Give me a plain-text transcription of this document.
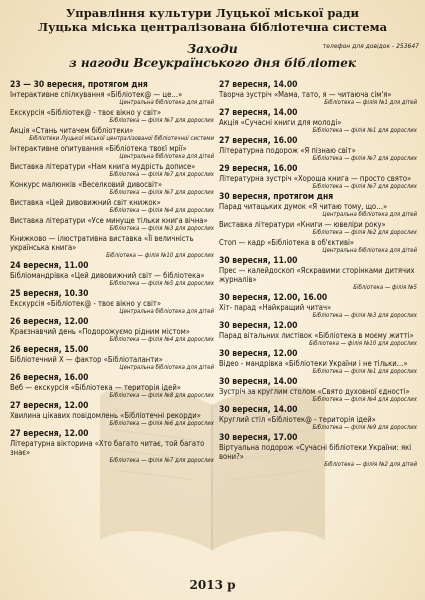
Управління культури Луцької міської ради
Луцька міська централізована бібліотечна система
Заходи
з нагоди Всеукраїнського дня бібліотек
телефон для довідок - 253647
23 — 30 вересня, протягом дня
Інтерактивне спілкування «Бібліотек@ — це…»
Центральна бібліотека для дітей
Екскурсія «Бібліотек@ - твоє вікно у світ»
Бібліотека — філія №7 для дорослих
Акція «Стань читачем бібліотеки»
Бібліотеки Луцької міської централізованої бібліотечної системи
Інтерактивне опитування «Бібліотека твоєї мрії»
Центральна бібліотека для дітей
Виставка літератури «Нам книга мудрість дописе»
Бібліотека — філія №7 для дорослих
Конкурс малюнків «Веселковий дивосвіт»
Бібліотека — філія №7 для дорослих
Виставка «Цей дивовижний світ книжок»
Бібліотека — філія №4 для дорослих
Виставка літератури «Усе минуще тільки книга вічна»
Бібліотека — філія №3 для дорослих
Книжково — ілюстративна виставка «Її величність українська книга»
Бібліотека — філія №10 для дорослих
24 вересня, 11.00
Бібліомандрівка «Цей дивовижний світ — бібліотека»
Бібліотека — філія №5 для дорослих
25 вересня, 10.30
Екскурсія «Бібліотек@ - твоє вікно у світ»
Центральна бібліотека для дітей
26 вересня, 12.00
Краєзнавчий день «Подорожуємо рідним містом»
Бібліотека — філія №4 для дорослих
26 вересня, 15.00
Бібліотечний Х — фактор «Бібліоталанти»
Центральна бібліотека для дітей
26 вересня, 16.00
Веб — екскурсія «Бібліотека — територія ідей»
Бібліотека — філія №8 для дорослих
27 вересня, 12.00
Хвилина цікавих повідомлень «Бібліотечні рекорди»
Бібліотека — філія №6 для дорослих
27 вересня, 12.00
Літературна вікторина «Хто багато читає, той багато знає»
Бібліотека — філія №7 для дорослих
27 вересня, 14.00
Творча зустріч «Мама, тато, я — читаюча сім'я»
Бібліотека — філія №1 для дітей
27 вересня, 14.00
Акція «Сучасні книги для молоді»
Бібліотека — філія №1 для дорослих
27 вересня, 16.00
Літературна подорож «Я пізнаю світ»
Бібліотека — філія №7 для дорослих
29 вересня, 16.00
Літературна зустріч «Хороша книга — просто свято»
Бібліотека — філія №7 для дорослих
30 вересня, протягом дня
Парад читацьких думок «Я читаю тому, що…»
Центральна бібліотека для дітей
Виставка літератури «Книги — ювеліри року»
Бібліотека — філія №2 для дорослих
Стоп — кадр «Бібліотека в об'єктиві»
Центральна бібліотека для дітей
30 вересня, 11.00
Прес — калейдоскоп «Яскравими сторінками дитячих журналів»
Бібліотека — філія №5
30 вересня, 12.00, 16.00
Хіт- парад «Найкращий читач»
Бібліотека — філія №3 для дорослих
30 вересня, 12.00
Парад вітальних листівок «Бібліотека в моєму житті»
Бібліотека — філія №10 для дорослих
30 вересня, 12.00
Відео - мандрівка «Бібліотеки України і не тільки…»
Бібліотека — філія №1 для дорослих
30 вересня, 14.00
Зустріч за круглим столом «Свято духовної єдності»
Бібліотека — філія №4 для дорослих
30 вересня, 14.00
Круглий стіл «Бібліотек@ - територія ідей»
Бібліотека — філія №9 для дорослих
30 вересня, 17.00
Віртуальна подорож «Сучасні бібліотеки України: які вони?»
Бібліотека — філія №2 для дітей
2013 р
